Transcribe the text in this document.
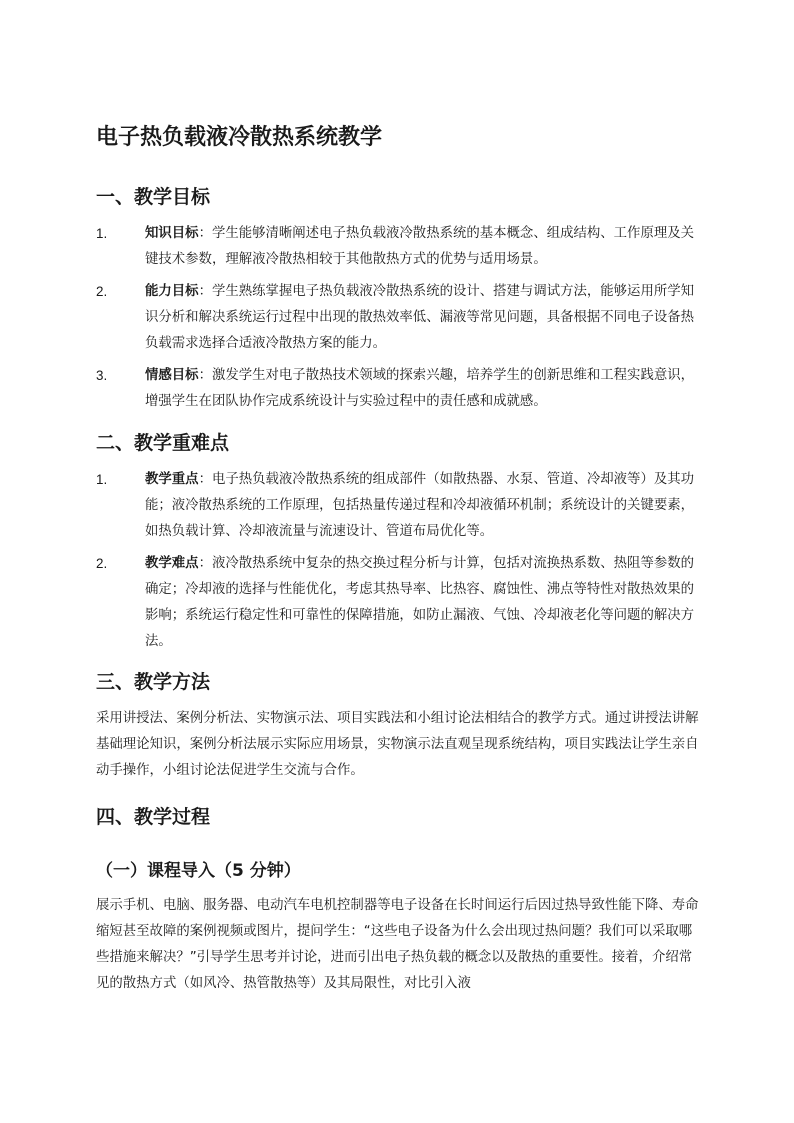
电子热负载液冷散热系统教学
一、教学目标
1.	知识目标：学生能够清晰阐述电子热负载液冷散热系统的基本概念、组成结构、工作原理及关键技术参数，理解液冷散热相较于其他散热方式的优势与适用场景。
2.	能力目标：学生熟练掌握电子热负载液冷散热系统的设计、搭建与调试方法，能够运用所学知识分析和解决系统运行过程中出现的散热效率低、漏液等常见问题，具备根据不同电子设备热负载需求选择合适液冷散热方案的能力。
3.	情感目标：激发学生对电子散热技术领域的探索兴趣，培养学生的创新思维和工程实践意识，增强学生在团队协作完成系统设计与实验过程中的责任感和成就感。
二、教学重难点
1.	教学重点：电子热负载液冷散热系统的组成部件（如散热器、水泵、管道、冷却液等）及其功能；液冷散热系统的工作原理，包括热量传递过程和冷却液循环机制；系统设计的关键要素，如热负载计算、冷却液流量与流速设计、管道布局优化等。
2.	教学难点：液冷散热系统中复杂的热交换过程分析与计算，包括对流换热系数、热阻等参数的确定；冷却液的选择与性能优化，考虑其热导率、比热容、腐蚀性、沸点等特性对散热效果的影响；系统运行稳定性和可靠性的保障措施，如防止漏液、气蚀、冷却液老化等问题的解决方法。
三、教学方法

采用讲授法、案例分析法、实物演示法、项目实践法和小组讨论法相结合的教学方式。通过讲授法讲解基础理论知识，案例分析法展示实际应用场景，实物演示法直观呈现系统结构，项目实践法让学生亲自动手操作，小组讨论法促进学生交流与合作。

四、教学过程
（一）课程导入（5 分钟）

展示手机、电脑、服务器、电动汽车电机控制器等电子设备在长时间运行后因过热导致性能下降、寿命缩短甚至故障的案例视频或图片，提问学生：“这些电子设备为什么会出现过热问题？我们可以采取哪些措施来解决？”引导学生思考并讨论，进而引出电子热负载的概念以及散热的重要性。接着，介绍常见的散热方式（如风冷、热管散热等）及其局限性，对比引入液
